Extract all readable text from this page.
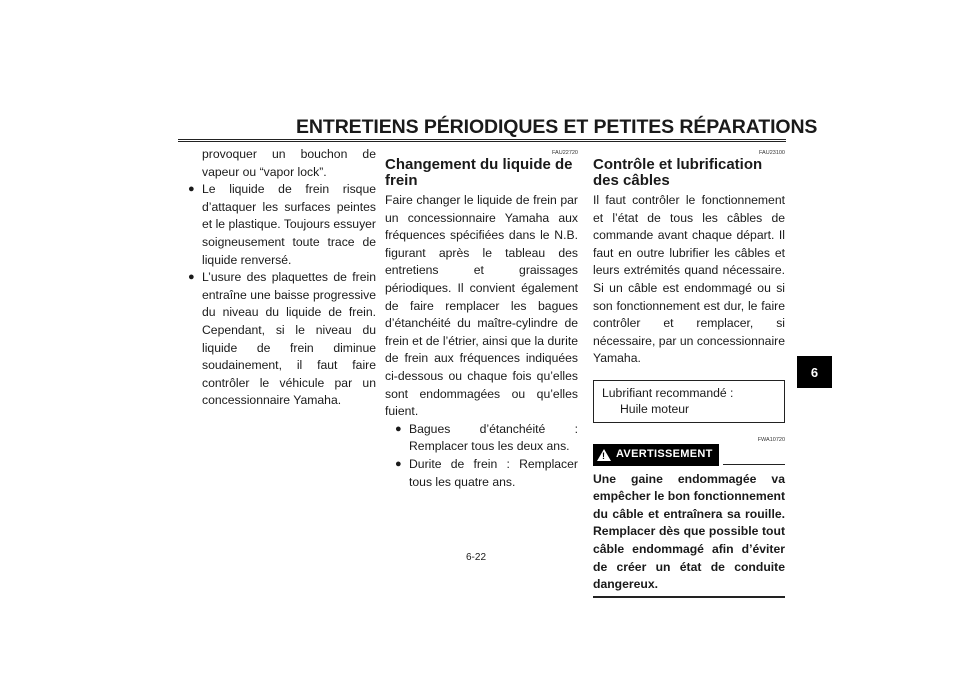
ENTRETIENS PÉRIODIQUES ET PETITES RÉPARATIONS
6

provoquer un bouchon de vapeur ou “vapor lock”.

● Le liquide de frein risque d’attaquer les surfaces peintes et le plastique. Toujours essuyer soigneusement toute trace de liquide renversé.

● L’usure des plaquettes de frein entraîne une baisse progressive du niveau du liquide de frein. Cependant, si le niveau du liquide de frein diminue soudainement, il faut faire contrôler le véhicule par un concessionnaire Yamaha.

FAU22720
Changement du liquide de frein

Faire changer le liquide de frein par un concessionnaire Yamaha aux fréquences spécifiées dans le N.B. figurant après le tableau des entretiens et graissages périodiques. Il convient également de faire remplacer les bagues d’étanchéité du maître-cylindre de frein et de l’étrier, ainsi que la durite de frein aux fréquences indiquées ci-dessous ou chaque fois qu’elles sont endommagées ou qu’elles fuient.

● Bagues d’étanchéité : Remplacer tous les deux ans.

● Durite de frein : Remplacer tous les quatre ans.

FAU23100
Contrôle et lubrification des câbles

Il faut contrôler le fonctionnement et l’état de tous les câbles de commande avant chaque départ. Il faut en outre lubrifier les câbles et leurs extrémités quand nécessaire. Si un câble est endommagé ou si son fonctionnement est dur, le faire contrôler et remplacer, si nécessaire, par un concessionnaire Yamaha.

Lubrifiant recommandé :
Huile moteur
FWA10720
!
AVERTISSEMENT

Une gaine endommagée va empêcher le bon fonctionnement du câble et entraînera sa rouille. Remplacer dès que possible tout câble endommagé afin d’éviter de créer un état de conduite dangereux.

6-22
